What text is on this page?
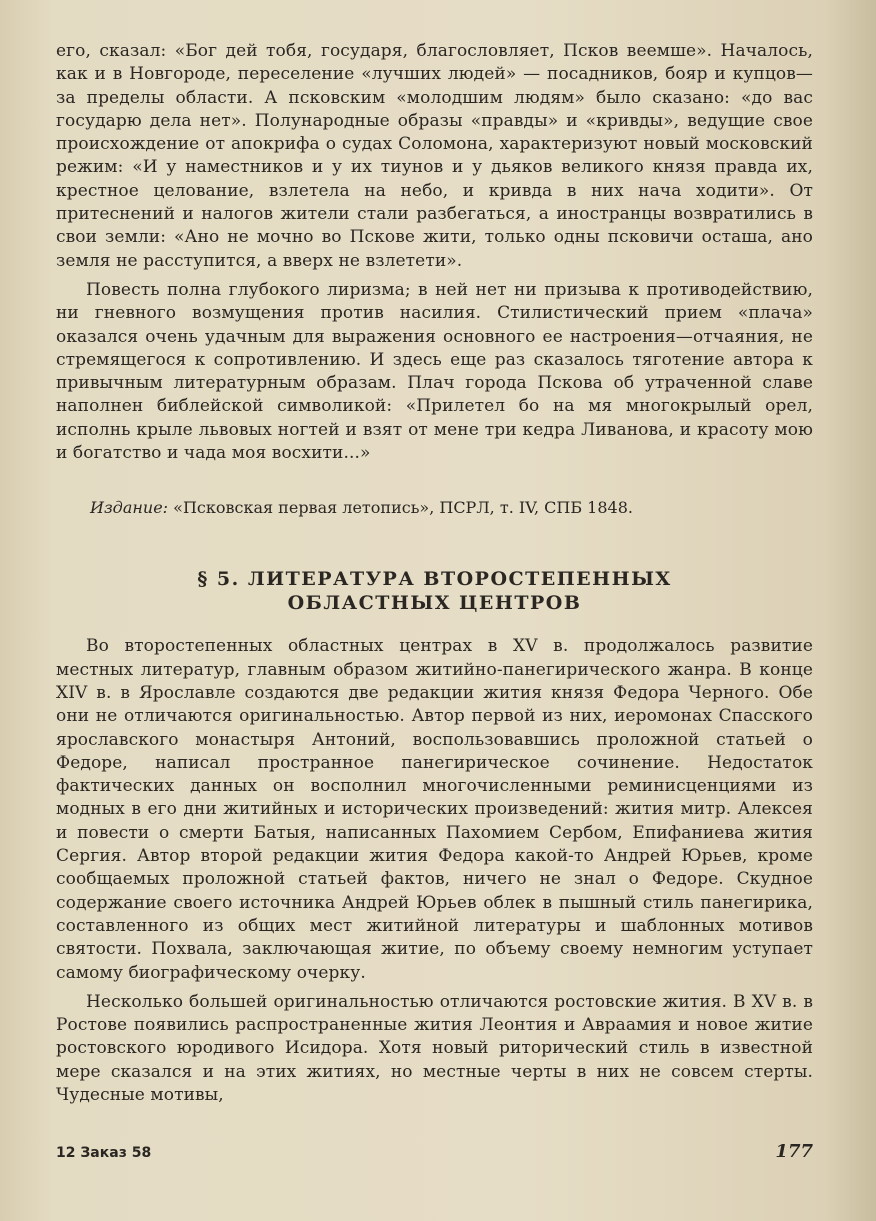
его, сказал: «Бог дей тобя, государя, благословляет, Псков веемше». Началось, как и в Новгороде, переселение «лучших людей» — посадников, бояр и купцов—за пределы области. А псковским «молодшим людям» было сказано: «до вас государю дела нет». Полународные образы «правды» и «кривды», ведущие свое происхождение от апокрифа о судах Соломона, характеризуют новый московский режим: «И у наместников и у их тиунов и у дьяков великого князя правда их, крестное целование, взлетела на небо, и кривда в них нача ходити». От притеснений и налогов жители стали разбегаться, а иностранцы возвратились в свои земли: «Ано не мочно во Пскове жити, только одны псковичи осташа, ано земля не расступится, а вверх не взлетети».

Повесть полна глубокого лиризма; в ней нет ни призыва к противодействию, ни гневного возмущения против насилия. Стилистический прием «плача» оказался очень удачным для выражения основного ее настроения—отчаяния, не стремящегося к сопротивлению. И здесь еще раз сказалось тяготение автора к привычным литературным образам. Плач города Пскова об утраченной славе наполнен библейской символикой: «Прилетел бо на мя многокрылый орел, исполнь крыле львовых ногтей и взят от мене три кедра Ливанова, и красоту мою и богатство и чада моя восхити...»

Издание: «Псковская первая летопись», ПСРЛ, т. IV, СПБ 1848.
§ 5. ЛИТЕРАТУРА ВТОРОСТЕПЕННЫХ
ОБЛАСТНЫХ ЦЕНТРОВ

Во второстепенных областных центрах в XV в. продолжалось развитие местных литератур, главным образом житийно-панегирического жанра. В конце XIV в. в Ярославле создаются две редакции жития князя Федора Черного. Обе они не отличаются оригинальностью. Автор первой из них, иеромонах Спасского ярославского монастыря Антоний, воспользовавшись проложной статьей о Федоре, написал пространное панегирическое сочинение. Недостаток фактических данных он восполнил многочисленными реминисценциями из модных в его дни житийных и исторических произведений: жития митр. Алексея и повести о смерти Батыя, написанных Пахомием Сербом, Епифаниева жития Сергия. Автор второй редакции жития Федора какой-то Андрей Юрьев, кроме сообщаемых проложной статьей фактов, ничего не знал о Федоре. Скудное содержание своего источника Андрей Юрьев облек в пышный стиль панегирика, составленного из общих мест житийной литературы и шаблонных мотивов святости. Похвала, заключающая житие, по объему своему немногим уступает самому биографическому очерку.

Несколько большей оригинальностью отличаются ростовские жития. В XV в. в Ростове появились распространенные жития Леонтия и Авраамия и новое житие ростовского юродивого Исидора. Хотя новый риторический стиль в известной мере сказался и на этих житиях, но местные черты в них не совсем стерты. Чудесные мотивы,

12 Заказ 58	177
